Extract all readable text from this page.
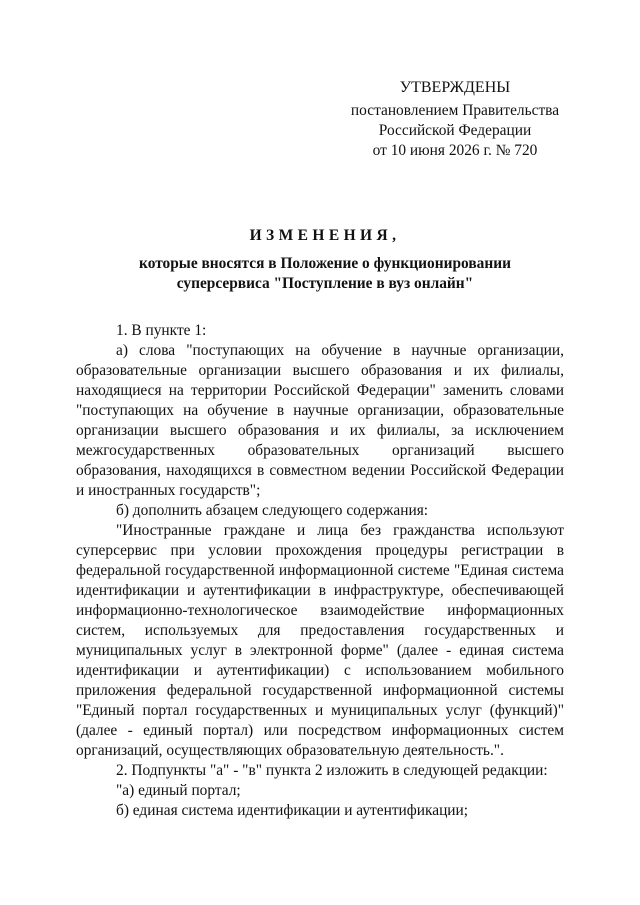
УТВЕРЖДЕНЫ
постановлением Правительства
Российской Федерации
от 10 июня 2026 г. № 720
ИЗМЕНЕНИЯ,
которые вносятся в Положение о функционировании
суперсервиса "Поступление в вуз онлайн"

1. В пункте 1:

а) слова "поступающих на обучение в научные организации, образовательные организации высшего образования и их филиалы, находящиеся на территории Российской Федерации" заменить словами "поступающих на обучение в научные организации, образовательные организации высшего образования и их филиалы, за исключением межгосударственных образовательных организаций высшего образования, находящихся в совместном ведении Российской Федерации и иностранных государств";

б) дополнить абзацем следующего содержания:

"Иностранные граждане и лица без гражданства используют суперсервис при условии прохождения процедуры регистрации в федеральной государственной информационной системе "Единая система идентификации и аутентификации в инфраструктуре, обеспечивающей информационно-технологическое взаимодействие информационных систем, используемых для предоставления государственных и муниципальных услуг в электронной форме" (далее - единая система идентификации и аутентификации) с использованием мобильного приложения федеральной государственной информационной системы "Единый портал государственных и муниципальных услуг (функций)" (далее - единый портал) или посредством информационных систем организаций, осуществляющих образовательную деятельность.".

2. Подпункты "а" - "в" пункта 2 изложить в следующей редакции:

"а) единый портал;

б) единая система идентификации и аутентификации;
